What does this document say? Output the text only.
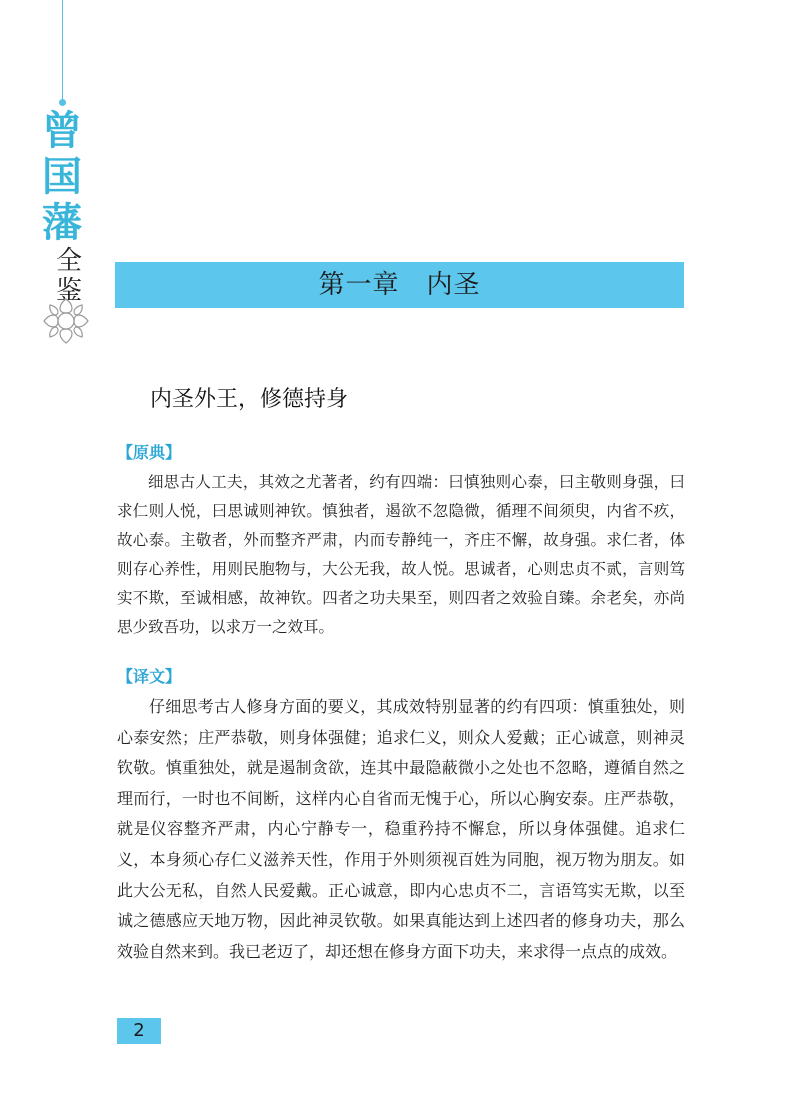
曾
国
藩
全
鉴	第一章　内圣
内圣外王，修德持身
【原典】

细思古人工夫，其效之尤著者，约有四端：曰慎独则心泰，曰主敬则身强，曰求仁则人悦，曰思诚则神钦。慎独者，遏欲不忽隐微，循理不间须臾，内省不疚，故心泰。主敬者，外而整齐严肃，内而专静纯一，齐庄不懈，故身强。求仁者，体则存心养性，用则民胞物与，大公无我，故人悦。思诚者，心则忠贞不贰，言则笃实不欺，至诚相感，故神钦。四者之功夫果至，则四者之效验自臻。余老矣，亦尚思少致吾功，以求万一之效耳。

【译文】

仔细思考古人修身方面的要义，其成效特别显著的约有四项：慎重独处，则心泰安然；庄严恭敬，则身体强健；追求仁义，则众人爱戴；正心诚意，则神灵钦敬。慎重独处，就是遏制贪欲，连其中最隐蔽微小之处也不忽略，遵循自然之理而行，一时也不间断，这样内心自省而无愧于心，所以心胸安泰。庄严恭敬，就是仪容整齐严肃，内心宁静专一，稳重矜持不懈怠，所以身体强健。追求仁义，本身须心存仁义滋养天性，作用于外则须视百姓为同胞，视万物为朋友。如此大公无私，自然人民爱戴。正心诚意，即内心忠贞不二，言语笃实无欺，以至诚之德感应天地万物，因此神灵钦敬。如果真能达到上述四者的修身功夫，那么效验自然来到。我已老迈了，却还想在修身方面下功夫，来求得一点点的成效。

2
